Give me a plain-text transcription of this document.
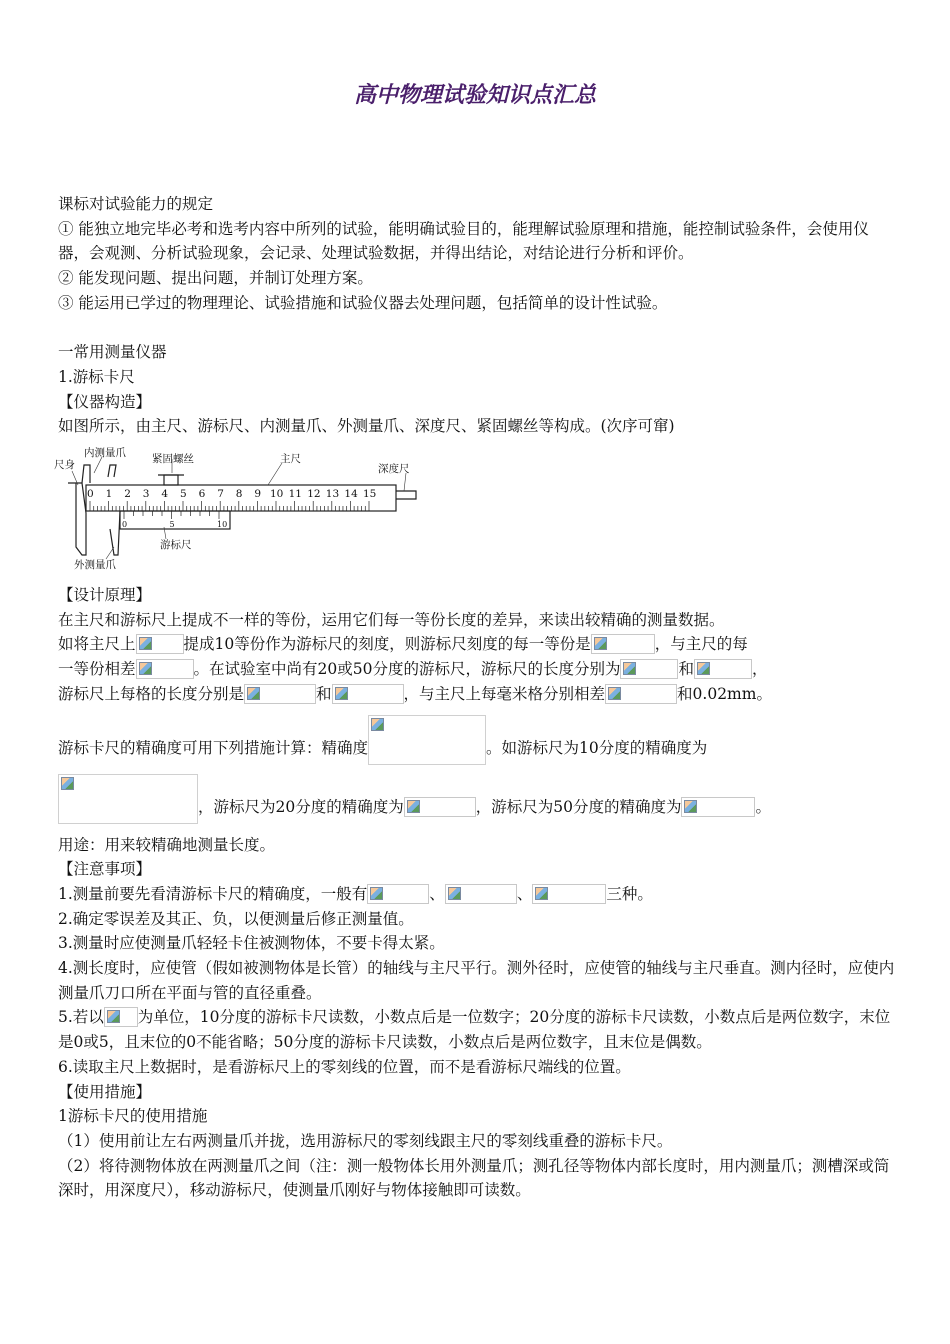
高中物理试验知识点汇总

课标对试验能力的规定

① 能独立地完毕必考和选考内容中所列的试验，能明确试验目的，能理解试验原理和措施，能控制试验条件，会使用仪器，会观测、分析试验现象，会记录、处理试验数据，并得出结论，对结论进行分析和评价。

② 能发现问题、提出问题，并制订处理方案。

③ 能运用已学过的物理理论、试验措施和试验仪器去处理问题，包括简单的设计性试验。

一常用测量仪器

1.游标卡尺

【仪器构造】

如图所示，由主尺、游标尺、内测量爪、外测量爪、深度尺、紧固螺丝等构成。(次序可窜)

尺身
内测量爪 紧固螺丝	主尺
深度尺
游标尺
外测量爪
0 1 2 3 4 5 6 7 8 9 10 11 12 13 14 15
0	5	10

【设计原理】

在主尺和游标尺上提成不一样的等份，运用它们每一等份长度的差异，来读出较精确的测量数据。

如将主尺上	提成10等份作为游标尺的刻度，则游标尺刻度的每一等份是	，与主尺的每

一等份相差	。在试验室中尚有20或50分度的游标尺，游标尺的长度分别为	和	，

游标尺上每格的长度分别是	和	，与主尺上每毫米格分别相差	和0.02mm。

游标卡尺的精确度可用下列措施计算：精确度	。如游标尺为10分度的精确度为

，游标尺为20分度的精确度为	，游标尺为50分度的精确度为	。

用途：用来较精确地测量长度。

【注意事项】

1.测量前要先看清游标卡尺的精确度，一般有	、	、	三种。

2.确定零误差及其正、负，以便测量后修正测量值。

3.测量时应使测量爪轻轻卡住被测物体，不要卡得太紧。

4.测长度时，应使管（假如被测物体是长管）的轴线与主尺平行。测外径时，应使管的轴线与主尺垂直。测内径时，应使内测量爪刀口所在平面与管的直径重叠。

5.若以 为单位，10分度的游标卡尺读数，小数点后是一位数字；20分度的游标卡尺读数，小数点后是两位数字，末位是0或5，且末位的0不能省略；50分度的游标卡尺读数，小数点后是两位数字，且末位是偶数。

6.读取主尺上数据时，是看游标尺上的零刻线的位置，而不是看游标尺端线的位置。

【使用措施】

1游标卡尺的使用措施

（1）使用前让左右两测量爪并拢，选用游标尺的零刻线跟主尺的零刻线重叠的游标卡尺。

（2）将待测物体放在两测量爪之间（注：测一般物体长用外测量爪；测孔径等物体内部长度时，用内测量爪；测槽深或筒深时，用深度尺），移动游标尺，使测量爪刚好与物体接触即可读数。
